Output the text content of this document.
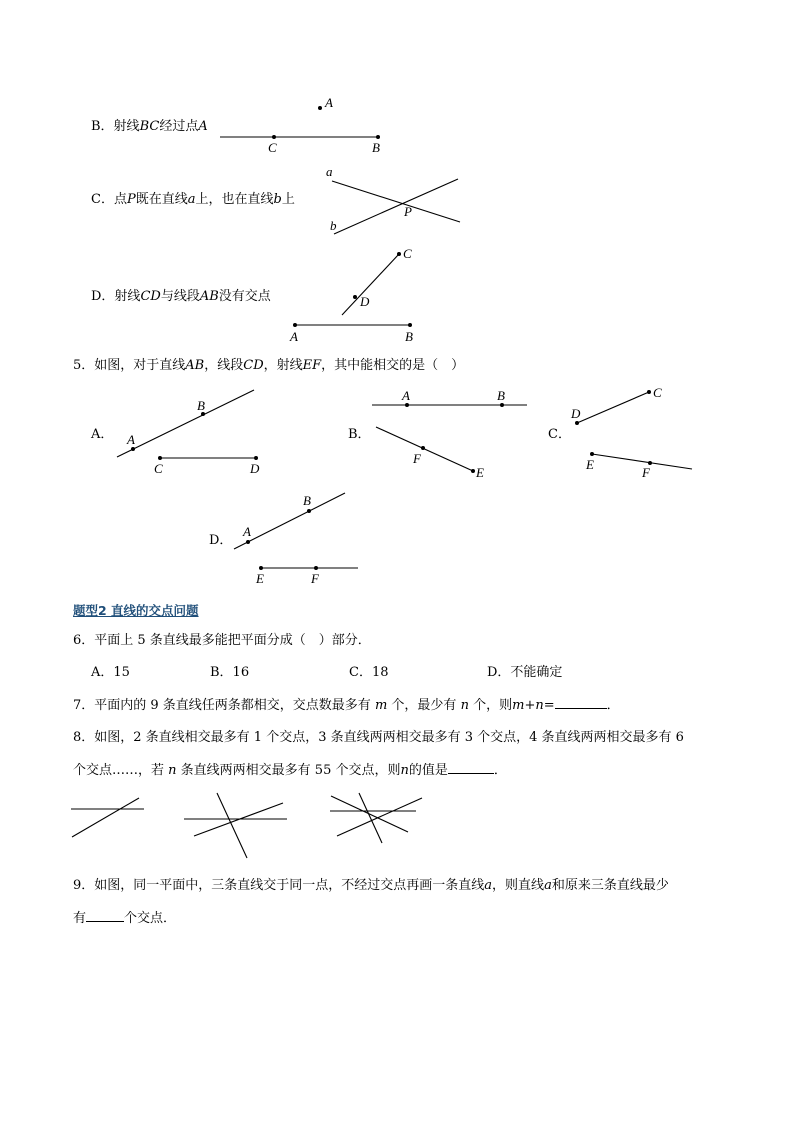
B．射线BC经过点A
A
C	B
C．点P既在直线a上，也在直线b上
a
P
b
D．射线CD与线段AB没有交点
C
D
A	B
5．如图，对于直线AB，线段CD，射线EF，其中能相交的是（　）
A．
B
A
C	D
B．
A	B
F
E
C．
C
D
E
F
D．
B
A
E	F
题型2 直线的交点问题
6．平面上 5 条直线最多能把平面分成（　）部分．
A．15	B．16	C．18	D．不能确定
7．平面内的 9 条直线任两条都相交，交点数最多有 m 个，最少有 n 个，则m+n=	．
8．如图，2 条直线相交最多有 1 个交点，3 条直线两两相交最多有 3 个交点，4 条直线两两相交最多有 6
个交点……，若 n 条直线两两相交最多有 55 个交点，则n的值是	．
9．如图，同一平面中，三条直线交于同一点，不经过交点再画一条直线a，则直线a和原来三条直线最少
有	个交点．
